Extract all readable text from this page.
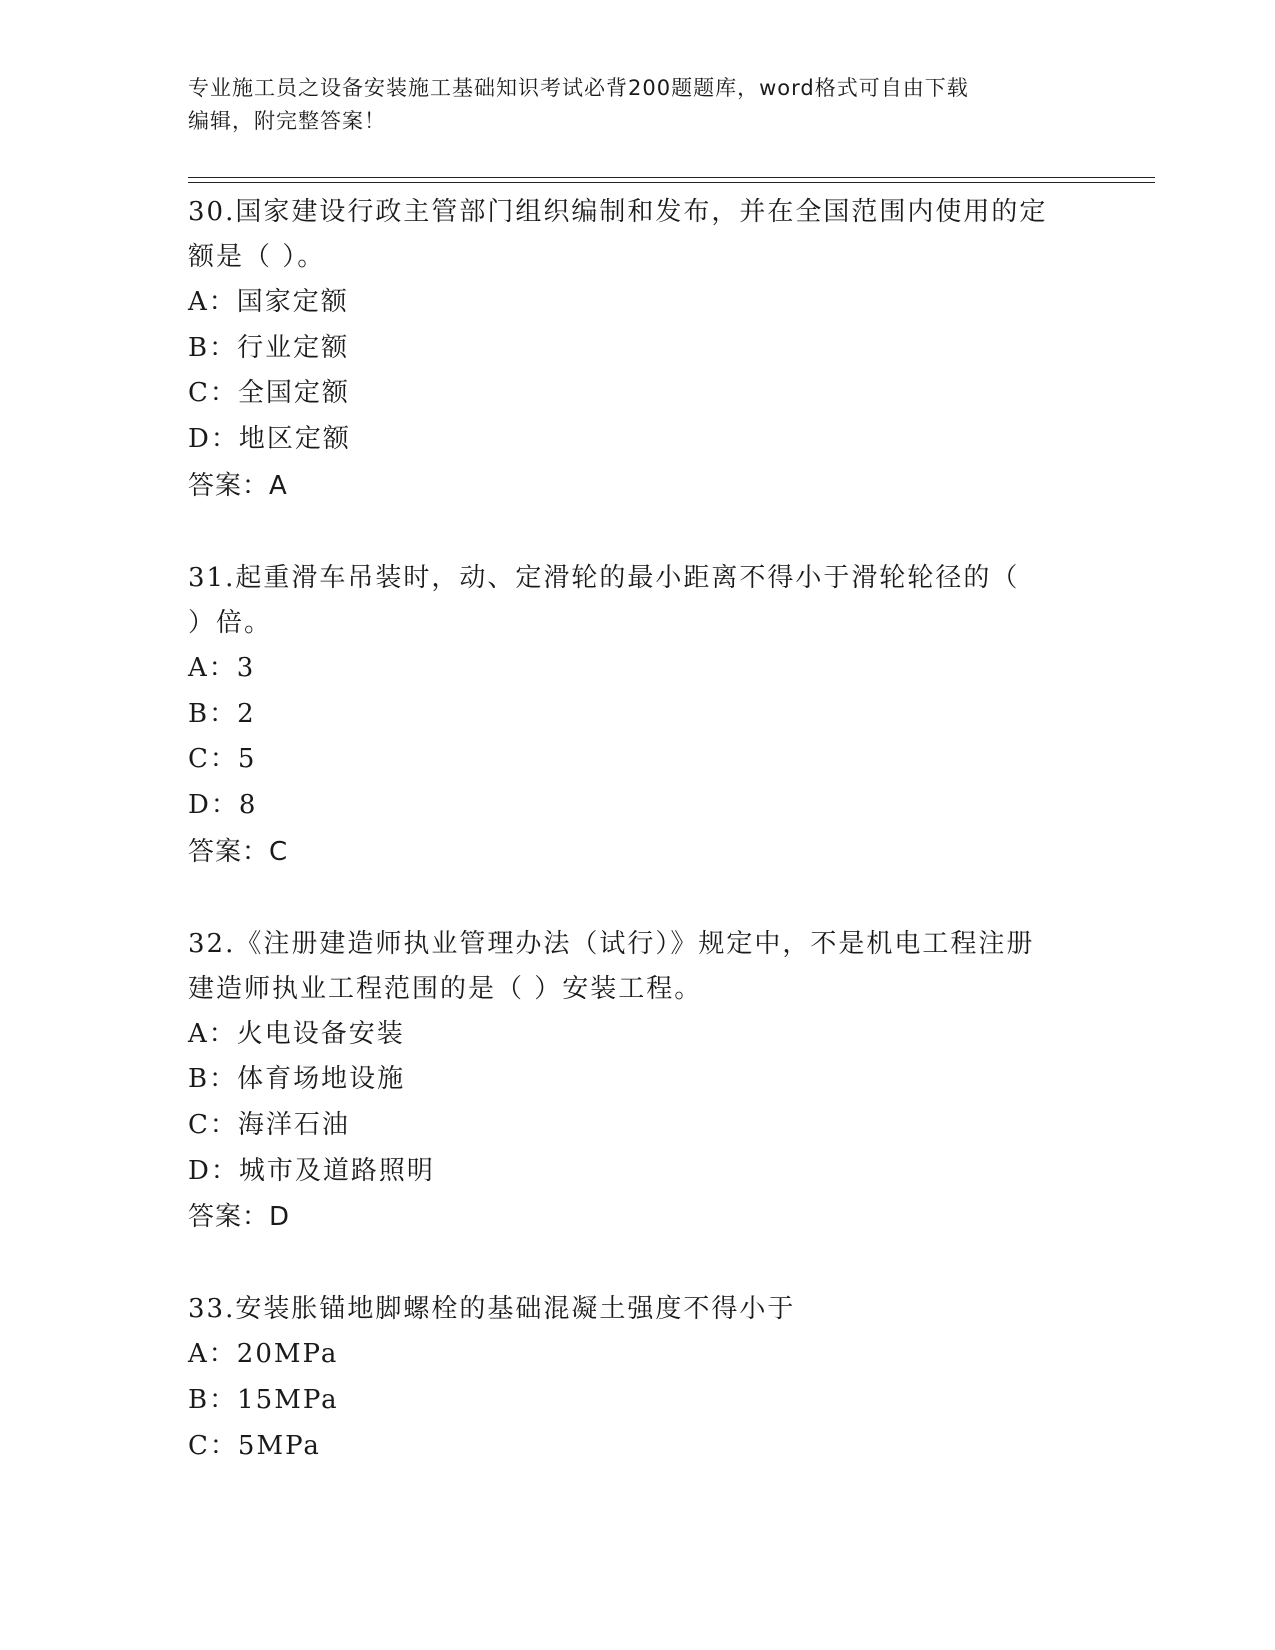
专业施工员之设备安装施工基础知识考试必背200题题库，word格式可自由下载
编辑，附完整答案！
30.国家建设行政主管部门组织编制和发布，并在全国范围内使用的定
额是（ ）。
A： 国家定额
B： 行业定额
C： 全国定额
D： 地区定额
答案：A
31.起重滑车吊装时，动、定滑轮的最小距离不得小于滑轮轮径的（
）倍。
A： 3
B： 2
C： 5
D： 8
答案：C
32.《注册建造师执业管理办法（试行）》规定中，不是机电工程注册
建造师执业工程范围的是（ ）安装工程。
A： 火电设备安装
B： 体育场地设施
C： 海洋石油
D： 城市及道路照明
答案：D
33.安装胀锚地脚螺栓的基础混凝土强度不得小于
A： 20MPa
B： 15MPa
C： 5MPa
